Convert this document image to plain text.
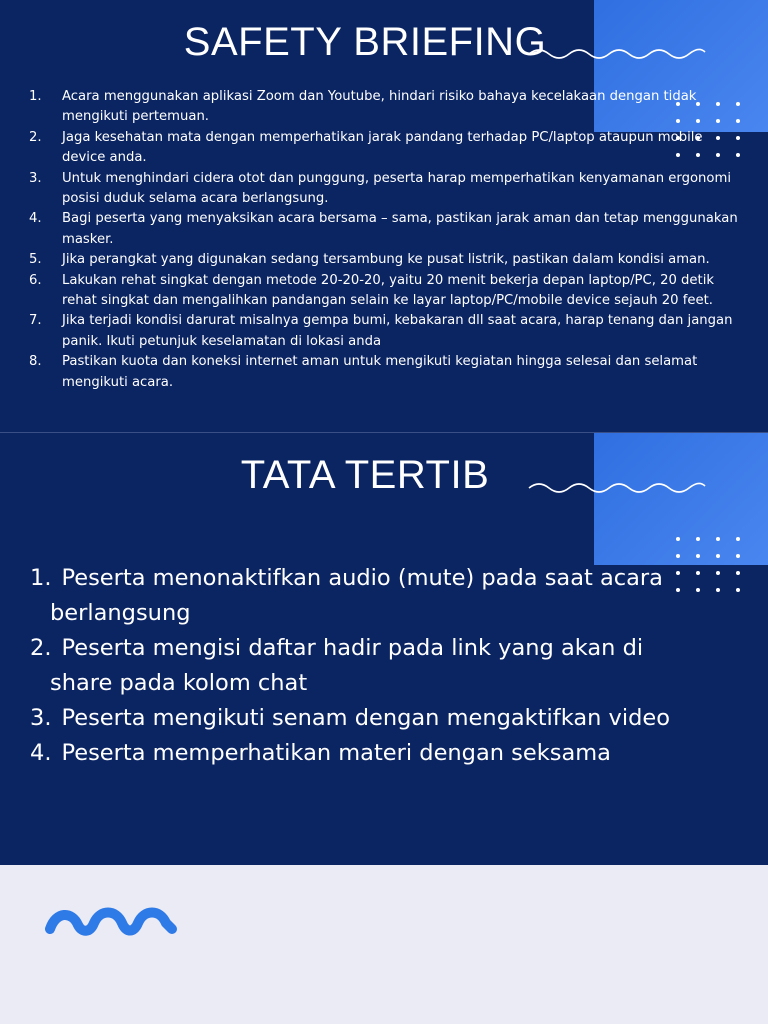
SAFETY BRIEFING
1. Acara menggunakan aplikasi Zoom dan Youtube, hindari risiko bahaya kecelakaan dengan tidak mengikuti pertemuan.
2. Jaga kesehatan mata dengan memperhatikan jarak pandang terhadap PC/laptop ataupun mobile device anda.
3. Untuk menghindari cidera otot dan punggung, peserta harap memperhatikan kenyamanan ergonomi posisi duduk selama acara berlangsung.
4. Bagi peserta yang menyaksikan acara bersama – sama, pastikan jarak aman dan tetap menggunakan masker.
5. Jika perangkat yang digunakan sedang tersambung ke pusat listrik, pastikan dalam kondisi aman.
6. Lakukan rehat singkat dengan metode 20-20-20, yaitu 20 menit bekerja depan laptop/PC, 20 detik rehat singkat dan mengalihkan pandangan selain ke layar laptop/PC/mobile device sejauh 20 feet.
7. Jika terjadi kondisi darurat misalnya gempa bumi, kebakaran dll saat acara, harap tenang dan jangan panik. Ikuti petunjuk keselamatan di lokasi anda
8. Pastikan kuota dan koneksi internet aman untuk mengikuti kegiatan hingga selesai dan selamat mengikuti acara.
TATA TERTIB
1. Peserta menonaktifkan audio (mute) pada saat acara berlangsung
2. Peserta mengisi daftar hadir pada link yang akan di share pada kolom chat
3. Peserta mengikuti senam dengan mengaktifkan video
4. Peserta memperhatikan materi dengan seksama
